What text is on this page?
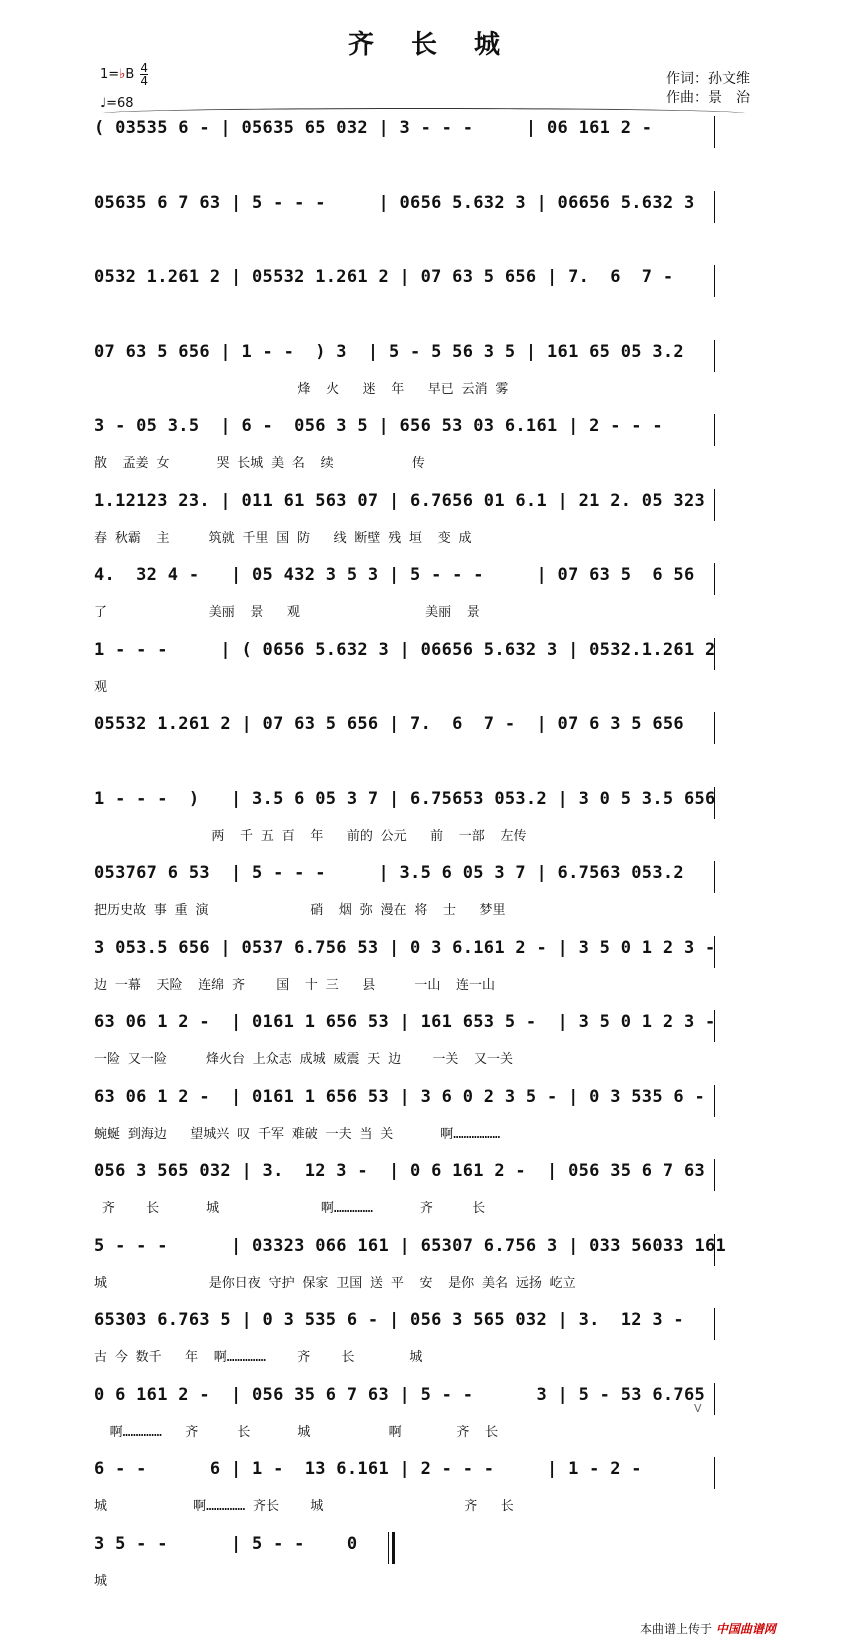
齐 长 城
1=♭B $\frac{4}{4}$
♩=68
作词：孙文维
作曲：景　治
( 03535 6 - | 05635 65 032 | 3 - - -     | 06 161 2 -
05635 6 7 63 | 5 - - -     | 0656 5.632 3 | 06656 5.632 3
0532 1.261 2 | 05532 1.261 2 | 07 63 5 656 | 7.  6  7 -
07 63 5 656 | 1 - -  ) 3  | 5 - 5 56 3 5 | 161 65 05 3.2
烽  火   迷  年   早已 云消 雾
3 - 05 3.5  | 6 -  056 3 5 | 656 53 03 6.161 | 2 - - -
散  孟姜 女      哭 长城 美 名  续          传
1.12123 23. | 011 61 563 07 | 6.7656 01 6.1 | 21 2. 05 323
春 秋霸  主     筑就 千里 国 防   线 断壁 残 垣  变 成
4.  32 4 -   | 05 432 3 5 3 | 5 - - -     | 07 63 5  6 56
了             美丽  景   观                美丽  景
1 - - -     | ( 0656 5.632 3 | 06656 5.632 3 | 0532.1.261 2
观
05532 1.261 2 | 07 63 5 656 | 7.  6  7 -  | 07 6 3 5 656
1 - - -  )   | 3.5 6 05 3 7 | 6.75653 053.2 | 3 0 5 3.5 656
两  千 五 百  年   前的 公元   前  一部  左传
053767 6 53  | 5 - - -     | 3.5 6 05 3 7 | 6.7563 053.2
把历史故 事 重 演             硝  烟 弥 漫在 将  士   梦里
3 053.5 656 | 0537 6.756 53 | 0 3 6.161 2 - | 3 5 0 1 2 3 -
边 一幕  天险  连绵 齐    国  十 三   县     一山  连一山
63 06 1 2 -  | 0161 1 656 53 | 161 653 5 -  | 3 5 0 1 2 3 -
一险 又一险     烽火台 上众志 成城 威震 天 边    一关  又一关
63 06 1 2 -  | 0161 1 656 53 | 3 6 0 2 3 5 - | 0 3 535 6 -
蜿蜒 到海边   望城兴 叹 千军 难破 一夫 当 关      啊………………
056 3 565 032 | 3.  12 3 -  | 0 6 161 2 -  | 056 35 6 7 63
齐    长      城             啊……………      齐     长
5 - - -      | 03323 066 161 | 65307 6.756 3 | 033 56033 161
城             是你日夜 守护 保家 卫国 送 平  安  是你 美名 远扬 屹立
65303 6.763 5 | 0 3 535 6 - | 056 3 565 032 | 3.  12 3 -
古 今 数千   年  啊……………    齐    长       城
0 6 161 2 -  | 056 35 6 7 63 | 5 - -      3 | 5 - 53 6.765
啊……………   齐     长      城          啊       齐  长
6 - -      6 | 1 -  13 6.161 | 2 - - -     | 1 - 2 -
城           啊…………… 齐长    城                  齐   长
3 5 - -      | 5 - -    0
城
V
本曲谱上传于 中国曲谱网
